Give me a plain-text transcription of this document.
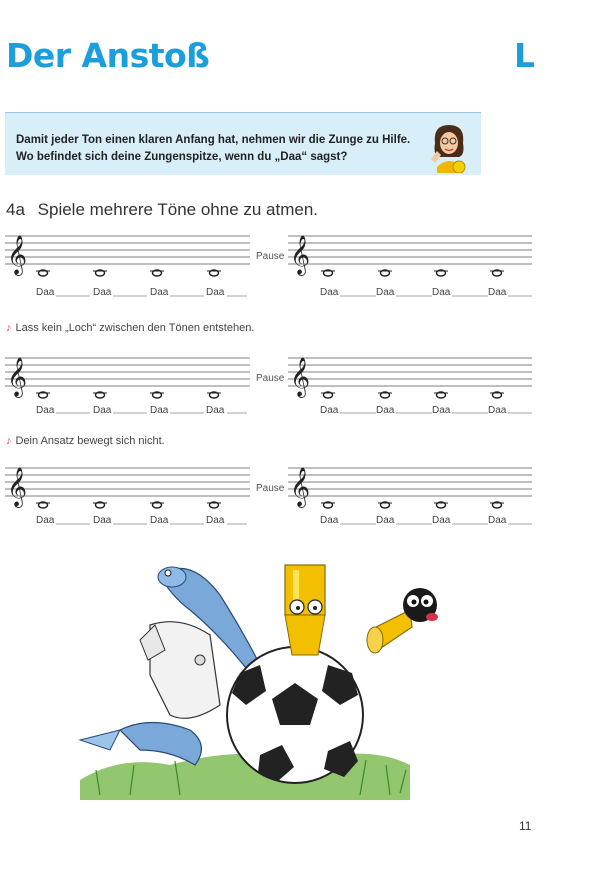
Der Anstoß	L
Damit jeder Ton einen klaren Anfang hat, nehmen wir die Zunge zu Hilfe. Wo befindet sich deine Zungenspitze, wenn du „Daa“ sagst?
4a Spiele mehrere Töne ohne zu atmen.
𝄞	Pause 𝄞
Daa	Daa	Daa	Daa	Daa	Daa	Daa	Daa
♪ Lass kein „Loch“ zwischen den Tönen entstehen.
𝄞	Pause 𝄞
Daa	Daa	Daa	Daa	Daa	Daa	Daa	Daa
♪ Dein Ansatz bewegt sich nicht.
𝄞	Pause 𝄞
Daa	Daa	Daa	Daa	Daa	Daa	Daa	Daa
11
